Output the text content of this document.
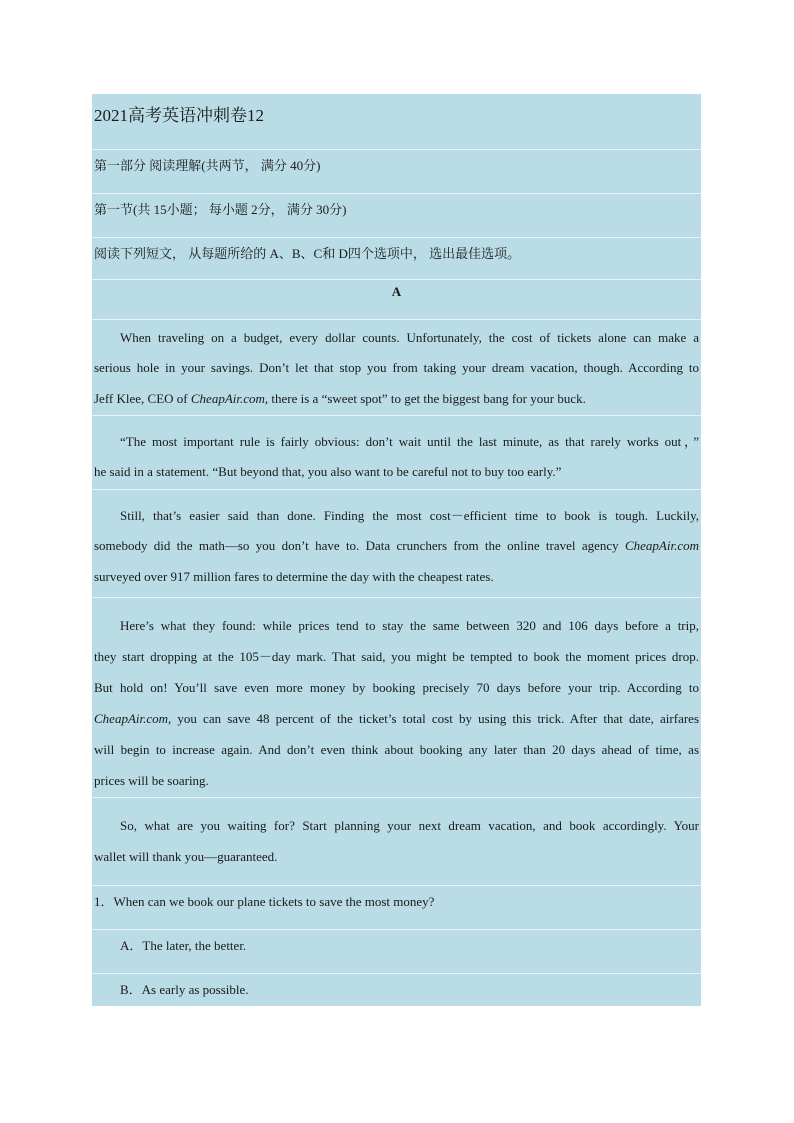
2021高考英语冲刺卷12
第一部分 阅读理解(共两节， 满分 40分)
第一节(共 15小题； 每小题 2分， 满分 30分)
阅读下列短文， 从每题所给的 A、B、C和 D四个选项中， 选出最佳选项。
A
When traveling on a budget, every dollar counts. Unfortunately, the cost of tickets alone can make a
serious hole in your savings. Don’t let that stop you from taking your dream vacation, though. According to
Jeff Klee, CEO of CheapAir.com, there is a “sweet spot” to get the biggest bang for your buck.
“The most important rule is fairly obvious: don’t wait until the last minute, as that rarely works out，”
he said in a statement. “But beyond that, you also want to be careful not to buy too early.”
Still, that’s easier said than done. Finding the most cost－efficient time to book is tough. Luckily,
somebody did the math—so you don’t have to. Data crunchers from the online travel agency CheapAir.com
surveyed over 917 million fares to determine the day with the cheapest rates.
Here’s what they found: while prices tend to stay the same between 320 and 106 days before a trip,
they start dropping at the 105－day mark. That said, you might be tempted to book the moment prices drop.
But hold on! You’ll save even more money by booking precisely 70 days before your trip. According to
CheapAir.com, you can save 48 percent of the ticket’s total cost by using this trick. After that date, airfares
will begin to increase again. And don’t even think about booking any later than 20 days ahead of time, as
prices will be soaring.
So, what are you waiting for? Start planning your next dream vacation, and book accordingly. Your
wallet will thank you—guaranteed.
1．When can we book our plane tickets to save the most money?
A．The later, the better.
B．As early as possible.
